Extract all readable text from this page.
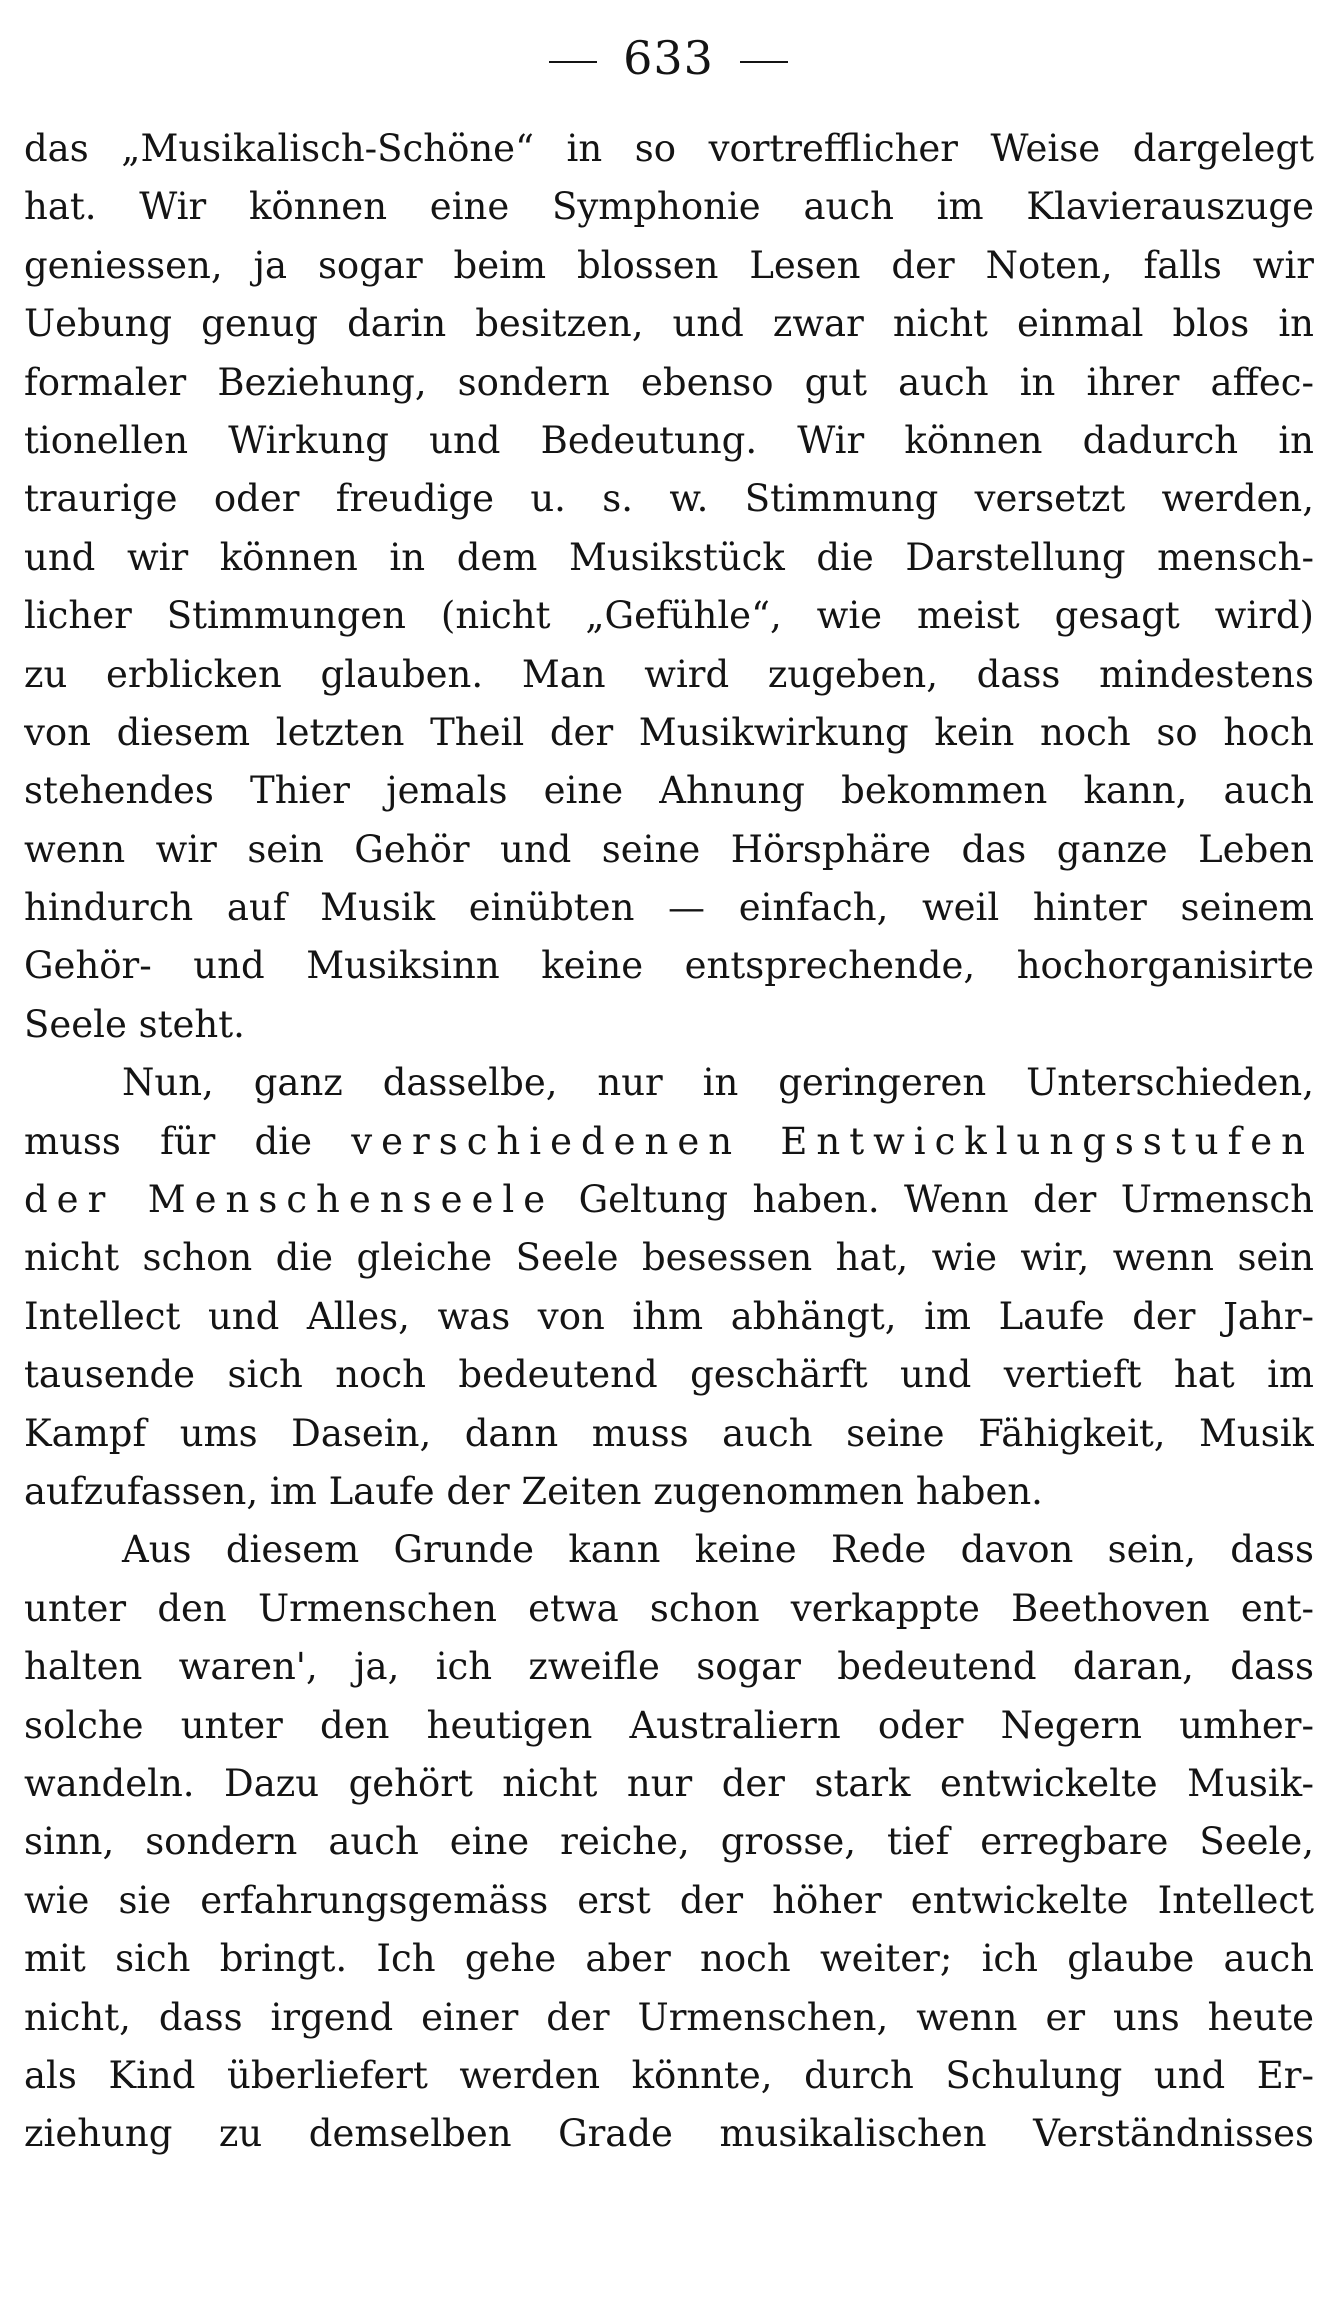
633
das „Musikalisch-Schöne“ in so vortrefflicher Weise dargelegt
hat. Wir können eine Symphonie auch im Klavierauszuge
geniessen, ja sogar beim blossen Lesen der Noten, falls wir
Uebung genug darin besitzen, und zwar nicht einmal blos in
formaler Beziehung, sondern ebenso gut auch in ihrer affec-
tionellen Wirkung und Bedeutung. Wir können dadurch in
traurige oder freudige u. s. w. Stimmung versetzt werden,
und wir können in dem Musikstück die Darstellung mensch-
licher Stimmungen (nicht „Gefühle“, wie meist gesagt wird)
zu erblicken glauben. Man wird zugeben, dass mindestens
von diesem letzten Theil der Musikwirkung kein noch so hoch
stehendes Thier jemals eine Ahnung bekommen kann, auch
wenn wir sein Gehör und seine Hörsphäre das ganze Leben
hindurch auf Musik einübten — einfach, weil hinter seinem
Gehör- und Musiksinn keine entsprechende, hochorganisirte
Seele steht.
Nun, ganz dasselbe, nur in geringeren Unterschieden,
muss für die verschiedenen Entwicklungsstufen
der Menschenseele Geltung haben. Wenn der Urmensch
nicht schon die gleiche Seele besessen hat, wie wir, wenn sein
Intellect und Alles, was von ihm abhängt, im Laufe der Jahr-
tausende sich noch bedeutend geschärft und vertieft hat im
Kampf ums Dasein, dann muss auch seine Fähigkeit, Musik
aufzufassen, im Laufe der Zeiten zugenommen haben.
Aus diesem Grunde kann keine Rede davon sein, dass
unter den Urmenschen etwa schon verkappte Beethoven ent-
halten waren', ja, ich zweifle sogar bedeutend daran, dass
solche unter den heutigen Australiern oder Negern umher-
wandeln. Dazu gehört nicht nur der stark entwickelte Musik-
sinn, sondern auch eine reiche, grosse, tief erregbare Seele,
wie sie erfahrungsgemäss erst der höher entwickelte Intellect
mit sich bringt. Ich gehe aber noch weiter; ich glaube auch
nicht, dass irgend einer der Urmenschen, wenn er uns heute
als Kind überliefert werden könnte, durch Schulung und Er-
ziehung zu demselben Grade musikalischen Verständnisses
